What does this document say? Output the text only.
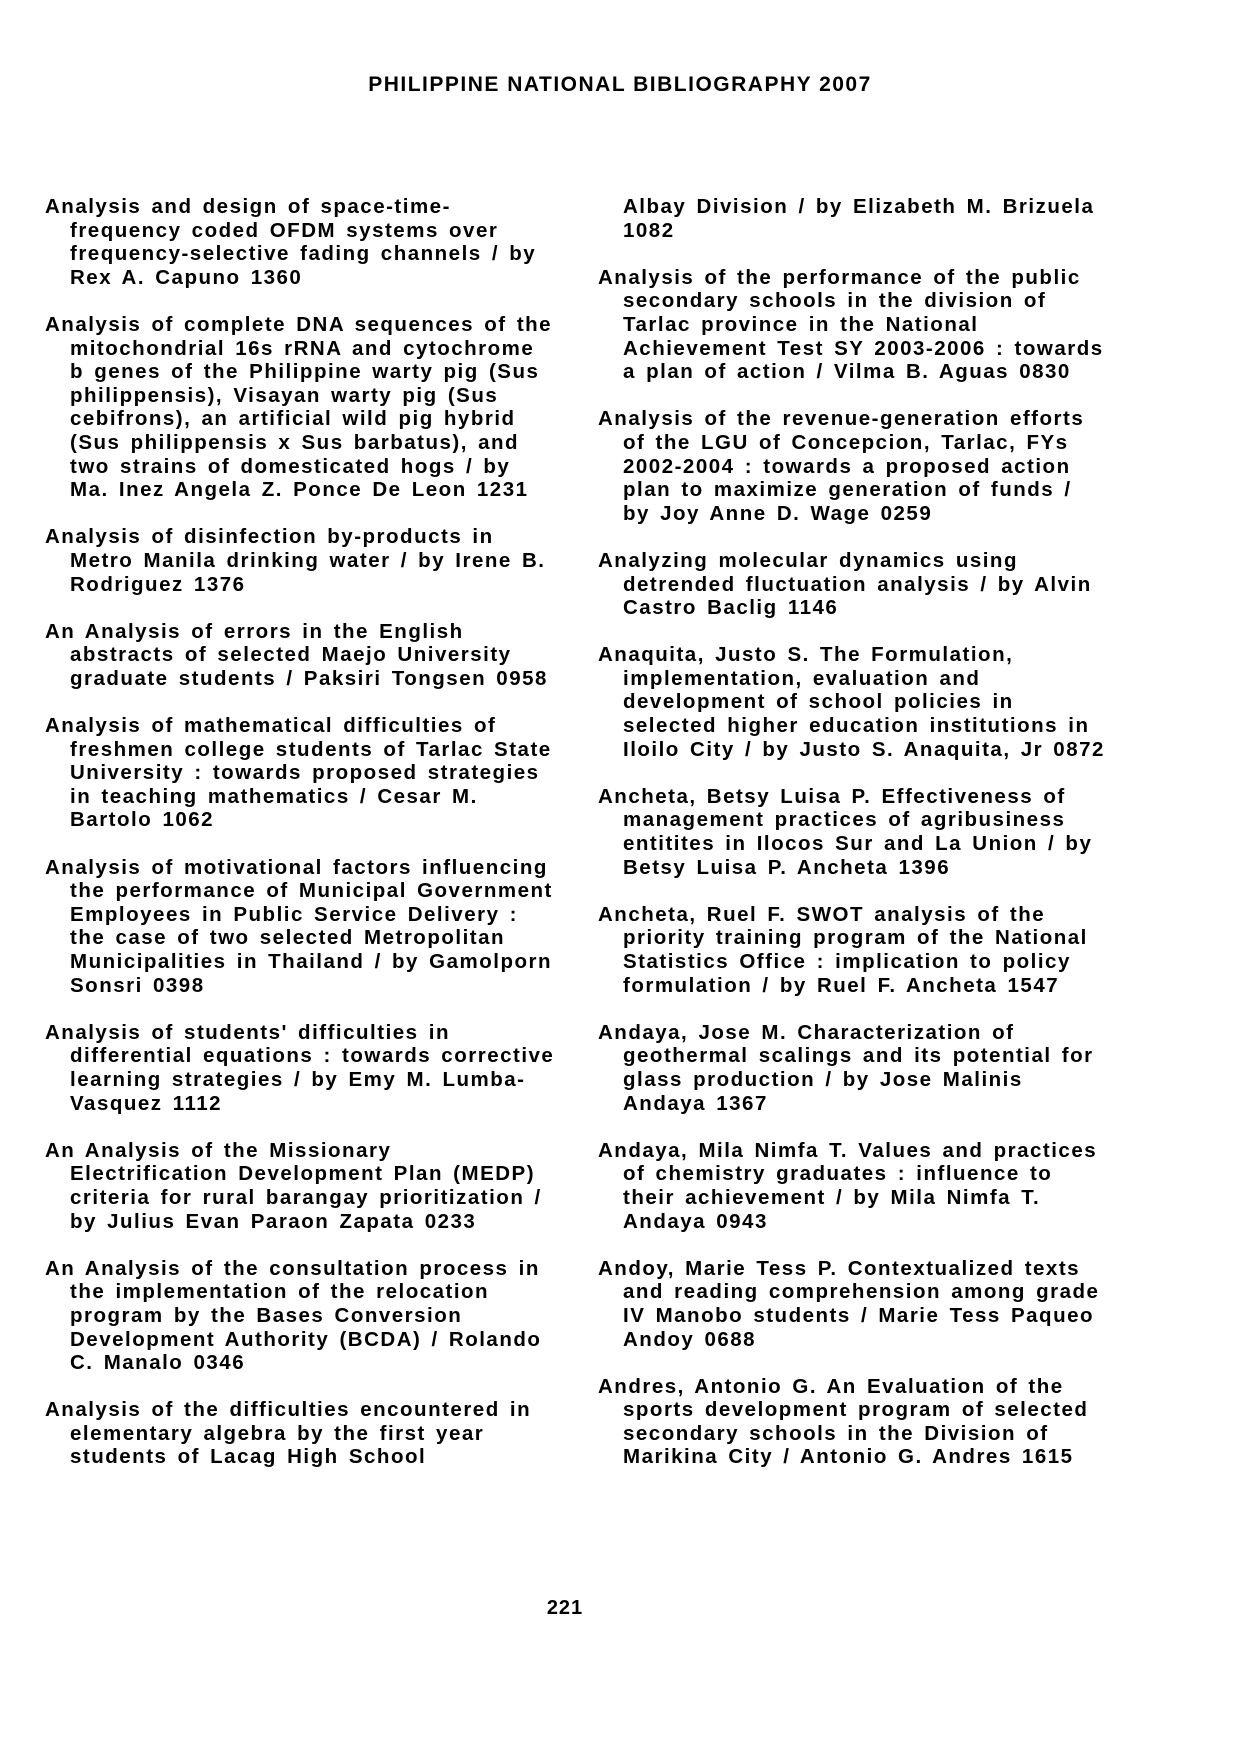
PHILIPPINE NATIONAL BIBLIOGRAPHY 2007

Analysis and design of space-time-frequency coded OFDM systems over frequency-selective fading channels / by Rex A. Capuno 1360

Analysis of complete DNA sequences of the mitochondrial 16s rRNA and cytochrome b genes of the Philippine warty pig (Sus philippensis), Visayan warty pig (Sus cebifrons), an artificial wild pig hybrid (Sus philippensis x Sus barbatus), and two strains of domesticated hogs / by Ma. Inez Angela Z. Ponce De Leon 1231

Analysis of disinfection by-products in Metro Manila drinking water / by Irene B. Rodriguez 1376

An Analysis of errors in the English abstracts of selected Maejo University graduate students / Paksiri Tongsen 0958

Analysis of mathematical difficulties of freshmen college students of Tarlac State University : towards proposed strategies in teaching mathematics / Cesar M. Bartolo 1062

Analysis of motivational factors influencing the performance of Municipal Government Employees in Public Service Delivery : the case of two selected Metropolitan Municipalities in Thailand / by Gamolporn Sonsri 0398

Analysis of students' difficulties in differential equations : towards corrective learning strategies / by Emy M. Lumba-Vasquez 1112

An Analysis of the Missionary Electrification Development Plan (MEDP) criteria for rural barangay prioritization / by Julius Evan Paraon Zapata 0233

An Analysis of the consultation process in the implementation of the relocation program by the Bases Conversion Development Authority (BCDA) / Rolando C. Manalo 0346

Analysis of the difficulties encountered in elementary algebra by the first year students of Lacag High School

Albay Division / by Elizabeth M. Brizuela 1082

Analysis of the performance of the public secondary schools in the division of Tarlac province in the National Achievement Test SY 2003-2006 : towards a plan of action / Vilma B. Aguas 0830

Analysis of the revenue-generation efforts of the LGU of Concepcion, Tarlac, FYs 2002-2004 : towards a proposed action plan to maximize generation of funds / by Joy Anne D. Wage 0259

Analyzing molecular dynamics using detrended fluctuation analysis / by Alvin Castro Baclig 1146

Anaquita, Justo S. The Formulation, implementation, evaluation and development of school policies in selected higher education institutions in Iloilo City / by Justo S. Anaquita, Jr 0872

Ancheta, Betsy Luisa P. Effectiveness of management practices of agribusiness entitites in Ilocos Sur and La Union / by Betsy Luisa P. Ancheta 1396

Ancheta, Ruel F. SWOT analysis of the priority training program of the National Statistics Office : implication to policy formulation / by Ruel F. Ancheta 1547

Andaya, Jose M. Characterization of geothermal scalings and its potential for glass production / by Jose Malinis Andaya 1367

Andaya, Mila Nimfa T. Values and practices of chemistry graduates : influence to their achievement / by Mila Nimfa T. Andaya 0943

Andoy, Marie Tess P. Contextualized texts and reading comprehension among grade IV Manobo students / Marie Tess Paqueo Andoy 0688

Andres, Antonio G. An Evaluation of the sports development program of selected secondary schools in the Division of Marikina City / Antonio G. Andres 1615

221
